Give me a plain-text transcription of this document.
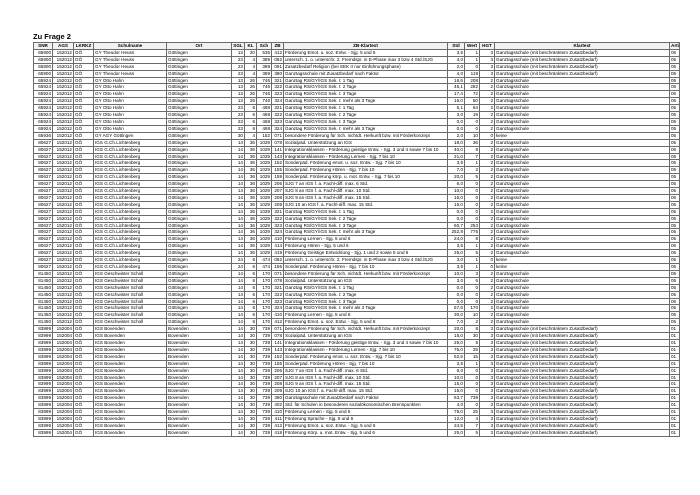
Zu Frage 2
SNR	AGS	LKRKZ	Schulname	Ort	SGL	KL	Sch	ZB	ZB-Klartext	Std	Wert	HGT	Klartext	Arti
65900	152012	GÖ	GY Theodor Heuss	Göttingen	13	20	535	412	Förderung Emot. u. soz. Entw. - Sjg. 5 und 6	3,5	1	3	Ganztagsschule (mit beschränktem Zusatzbedarf)	05
65900	152012	GÖ	GY Theodor Heuss	Göttingen	23	4	389	062	untersch. 1. o. unterschr. 2. Fremdspr. in E-Phase max 3 bzw 4 Std./SJG	4,0	1	3	Ganztagsschule (mit beschränktem Zusatzbedarf)	05
65900	152012	GÖ	GY Theodor Heuss	Göttingen	23	4	389	091	Zusatzbedarf Religion (bei SEK II nur Einführungsphase)	2,0	0	3	Ganztagsschule (mit beschränktem Zusatzbedarf)	05
65900	152012	GÖ	GY Theodor Heuss	Göttingen	23	4	389	380	Ganztagsschule mit Zusatzbedarf nach Faktor	4,0	119	3	Ganztagsschule (mit beschränktem Zusatzbedarf)	05
65924	152012	GÖ	GY Otto Hahn	Göttingen	13	26	746	321	Ganztag RS/GY/IGS Sek. I: 1 Tag	16,6	208	2	Ganztagsschule	05
65924	152012	GÖ	GY Otto Hahn	Göttingen	13	26	746	322	Ganztag RS/GY/IGS Sek. I: 2 Tage	45,1	282	2	Ganztagsschule	05
65924	152012	GÖ	GY Otto Hahn	Göttingen	13	26	746	323	Ganztag RS/GY/IGS Sek. I: 3 Tage	17,4	72	2	Ganztagsschule	05
65924	152012	GÖ	GY Otto Hahn	Göttingen	13	26	746	324	Ganztag RS/GY/IGS Sek. I: mehr als 3 Tage	16,0	50	2	Ganztagsschule	05
65924	152012	GÖ	GY Otto Hahn	Göttingen	23	6	468	321	Ganztag RS/GY/IGS Sek. I: 1 Tag	5,1	64	2	Ganztagsschule	05
65924	152012	GÖ	GY Otto Hahn	Göttingen	23	6	468	322	Ganztag RS/GY/IGS Sek. I: 2 Tage	3,0	19	2	Ganztagsschule	05
65924	152012	GÖ	GY Otto Hahn	Göttingen	23	6	468	323	Ganztag RS/GY/IGS Sek. I: 3 Tage	0,0	0	2	Ganztagsschule	05
65924	152012	GÖ	GY Otto Hahn	Göttingen	23	6	468	324	Ganztag RS/GY/IGS Sek. I: mehr als 3 Tage	0,0	0	2	Ganztagsschule	05
65936	152012	GÖ	GY AGY Göttingen	Göttingen	30	4	152	071	besondere Förderung für Sch. nichtdt. Herkunft bzw. mit Förderkonzept	2,0	10	0	keine	05
80627	152012	GÖ	IGS G.Ch.Lichtenberg	Göttingen	14	36	1029	078	Sozialpäd. Unterstützung an IGS	18,0	36	2	Ganztagsschule	05
80627	152012	GÖ	IGS G.Ch.Lichtenberg	Göttingen	14	36	1029	141	Integrationsklassen - Förderung geistige Entw. - Sjg. 3 und 4 sowie 7 bis 10	40,0	8	2	Ganztagsschule	05
80627	152012	GÖ	IGS G.Ch.Lichtenberg	Göttingen	14	36	1029	143	Integrationsklassen - Förderung Lernen - Sjg. 7 bis 10	21,0	7	2	Ganztagsschule	05
80627	152012	GÖ	IGS G.Ch.Lichtenberg	Göttingen	14	36	1029	152	Sonderpäd. Förderung emot. u. soz. Entw. - Sjg. 7 bis 10	3,5	1	2	Ganztagsschule	05
80627	152012	GÖ	IGS G.Ch.Lichtenberg	Göttingen	14	36	1029	155	Sonderpäd. Förderung Hören - Sjg. 7 bis 10	7,0	2	2	Ganztagsschule	05
80627	152012	GÖ	IGS G.Ch.Lichtenberg	Göttingen	14	36	1029	159	Sonderpäd. Förderung körp. u. mot. Entw. - Sjg. 7 bis 10	20,0	5	2	Ganztagsschule	05
80627	152012	GÖ	IGS G.Ch.Lichtenberg	Göttingen	14	36	1029	206	SJG 7 an IGS f. a. Fachl-diff. max. 6 Std.	6,0	0	2	Ganztagsschule	05
80627	152012	GÖ	IGS G.Ch.Lichtenberg	Göttingen	14	36	1029	207	SJG 8 an IGS f. a. Fachl-diff. max. 10 Std.	10,0	0	2	Ganztagsschule	05
80627	152012	GÖ	IGS G.Ch.Lichtenberg	Göttingen	14	36	1029	208	SJG 9 an IGS f. a. Fachl-diff. max. 15 Std.	15,0	0	2	Ganztagsschule	05
80627	152012	GÖ	IGS G.Ch.Lichtenberg	Göttingen	14	36	1029	209	SJG 10 an IGS f. a. Fachl-diff. max. 15 Std.	15,0	0	2	Ganztagsschule	05
80627	152012	GÖ	IGS G.Ch.Lichtenberg	Göttingen	14	36	1029	321	Ganztag RS/GY/IGS Sek. I: 1 Tag	0,0	0	2	Ganztagsschule	05
80627	152012	GÖ	IGS G.Ch.Lichtenberg	Göttingen	14	36	1029	322	Ganztag RS/GY/IGS Sek. I: 2 Tage	0,0	0	2	Ganztagsschule	05
80627	152012	GÖ	IGS G.Ch.Lichtenberg	Göttingen	14	36	1029	323	Ganztag RS/GY/IGS Sek. I: 3 Tage	60,7	253	2	Ganztagsschule	05
80627	152012	GÖ	IGS G.Ch.Lichtenberg	Göttingen	14	36	1029	324	Ganztag RS/GY/IGS Sek. I: mehr als 3 Tage	252,8	776	2	Ganztagsschule	05
80627	152012	GÖ	IGS G.Ch.Lichtenberg	Göttingen	14	36	1029	410	Förderung Lernen - Sjg. 5 und 6	24,0	8	2	Ganztagsschule	05
80627	152012	GÖ	IGS G.Ch.Lichtenberg	Göttingen	14	36	1029	414	Förderung Hören - Sjg. 5 und 6	3,5	1	2	Ganztagsschule	05
80627	152012	GÖ	IGS G.Ch.Lichtenberg	Göttingen	14	36	1029	419	Förderung Geistige Entwicklung - Sjg. 1 und 2 sowie 5 und 6	25,0	5	2	Ganztagsschule	05
80627	152012	GÖ	IGS G.Ch.Lichtenberg	Göttingen	24	6	474	062	untersch. 1. o. unterschr. 2. Fremdspr. in E-Phase max 3 bzw 4 Std./SJG	3,0	1	0	keine	05
80627	152012	GÖ	IGS G.Ch.Lichtenberg	Göttingen	24	6	474	155	Sonderpäd. Förderung Hören - Sjg. 7 bis 10	3,5	1	0	keine	05
81450	152012	GÖ	IGS Geschwister Scholl	Göttingen	14	6	170	071	besondere Förderung für Sch. nichtdt. Herkunft bzw. mit Förderkonzept	10,0	3	2	Ganztagsschule	05
81450	152012	GÖ	IGS Geschwister Scholl	Göttingen	14	6	170	078	Sozialpäd. Unterstützung an IGS	3,0	6	2	Ganztagsschule	05
81450	152012	GÖ	IGS Geschwister Scholl	Göttingen	14	6	170	321	Ganztag RS/GY/IGS Sek. I: 1 Tag	0,0	0	2	Ganztagsschule	05
81450	152012	GÖ	IGS Geschwister Scholl	Göttingen	14	6	170	322	Ganztag RS/GY/IGS Sek. I: 2 Tage	0,0	0	2	Ganztagsschule	05
81450	152012	GÖ	IGS Geschwister Scholl	Göttingen	14	6	170	323	Ganztag RS/GY/IGS Sek. I: 3 Tage	0,0	0	2	Ganztagsschule	05
81450	152012	GÖ	IGS Geschwister Scholl	Göttingen	14	6	170	324	Ganztag RS/GY/IGS Sek. I: mehr als 3 Tage	57,6	170	2	Ganztagsschule	05
81450	152012	GÖ	IGS Geschwister Scholl	Göttingen	14	6	170	410	Förderung Lernen - Sjg. 5 und 6	30,0	10	2	Ganztagsschule	05
81450	152012	GÖ	IGS Geschwister Scholl	Göttingen	14	6	170	412	Förderung Emot. u. soz. Entw. - Sjg. 5 und 6	7,0	2	2	Ganztagsschule	05
83999	152004	GÖ	IGS Bovenden	Bovenden	14	30	739	071	besondere Förderung für Sch. nichtdt. Herkunft bzw. mit Förderkonzept	20,0	8	3	Ganztagsschule (mit beschränktem Zusatzbedarf)	01
83999	152004	GÖ	IGS Bovenden	Bovenden	14	30	739	078	Sozialpäd. Unterstützung an IGS	15,0	30	3	Ganztagsschule (mit beschränktem Zusatzbedarf)	01
83999	152004	GÖ	IGS Bovenden	Bovenden	14	30	739	141	Integrationsklassen - Förderung geistige Entw. - Sjg. 3 und 4 sowie 7 bis 10	25,0	5	3	Ganztagsschule (mit beschränktem Zusatzbedarf)	01
83999	152004	GÖ	IGS Bovenden	Bovenden	14	30	739	143	Integrationsklassen - Förderung Lernen - Sjg. 7 bis 10	75,0	25	3	Ganztagsschule (mit beschränktem Zusatzbedarf)	01
83999	152004	GÖ	IGS Bovenden	Bovenden	14	30	739	152	Sonderpäd. Förderung emot. u. soz. Entw. - Sjg. 7 bis 10	52,5	15	3	Ganztagsschule (mit beschränktem Zusatzbedarf)	01
83999	152004	GÖ	IGS Bovenden	Bovenden	14	30	739	155	Sonderpäd. Förderung Hören - Sjg. 7 bis 10	3,5	1	3	Ganztagsschule (mit beschränktem Zusatzbedarf)	01
83999	152004	GÖ	IGS Bovenden	Bovenden	14	30	739	206	SJG 7 an IGS f. a. Fachl-diff. max. 6 Std.	6,0	0	3	Ganztagsschule (mit beschränktem Zusatzbedarf)	01
83999	152004	GÖ	IGS Bovenden	Bovenden	14	30	739	207	SJG 8 an IGS f. a. Fachl-diff. max. 10 Std.	10,0	0	3	Ganztagsschule (mit beschränktem Zusatzbedarf)	01
83999	152004	GÖ	IGS Bovenden	Bovenden	14	30	739	208	SJG 9 an IGS f. a. Fachl-diff. max. 15 Std.	15,0	0	3	Ganztagsschule (mit beschränktem Zusatzbedarf)	01
83999	152004	GÖ	IGS Bovenden	Bovenden	14	30	739	209	SJG 10 an IGS f. a. Fachl-diff. max. 15 Std.	15,0	0	3	Ganztagsschule (mit beschränktem Zusatzbedarf)	01
83999	152004	GÖ	IGS Bovenden	Bovenden	14	30	739	380	Ganztagsschule mit Zusatzbedarf nach Faktor	63,7	739	3	Ganztagsschule (mit beschränktem Zusatzbedarf)	01
83999	152004	GÖ	IGS Bovenden	Bovenden	14	30	739	402	Std. für Schulen in besonderen sozialökonomischen Brennpunkten	4,0	0	3	Ganztagsschule (mit beschränktem Zusatzbedarf)	01
83999	152004	GÖ	IGS Bovenden	Bovenden	14	30	739	410	Förderung Lernen - Sjg. 5 und 6	75,0	25	3	Ganztagsschule (mit beschränktem Zusatzbedarf)	01
83999	152004	GÖ	IGS Bovenden	Bovenden	14	30	739	411	Förderung Sprache - Sjg. 5 und 6	12,0	4	3	Ganztagsschule (mit beschränktem Zusatzbedarf)	01
83999	152004	GÖ	IGS Bovenden	Bovenden	14	30	739	412	Förderung Emot. u. soz. Entw. - Sjg. 5 und 6	24,5	7	3	Ganztagsschule (mit beschränktem Zusatzbedarf)	01
83999	152004	GÖ	IGS Bovenden	Bovenden	14	30	739	418	Förderung Körp. u. mot. Entw. - Sjg. 5 und 6	25,0	5	3	Ganztagsschule (mit beschränktem Zusatzbedarf)	01
